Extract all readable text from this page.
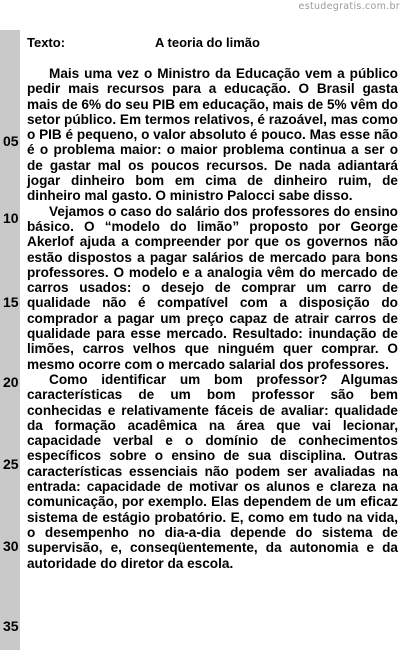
estudegratis.com.br
05
10
15
20
25
30
35
Texto:	A teoria do limão

Mais uma vez o Ministro da Educação vem a público pedir mais recursos para a educação. O Brasil gasta mais de 6% do seu PIB em educação, mais de 5% vêm do setor público. Em termos relativos, é razoável, mas como o PIB é pequeno, o valor absoluto é pouco. Mas esse não é o problema maior: o maior problema continua a ser o de gastar mal os poucos recursos. De nada adiantará jogar dinheiro bom em cima de dinheiro ruim, de dinheiro mal gasto. O ministro Palocci sabe disso.

Vejamos o caso do salário dos professores do ensino básico. O “modelo do limão” proposto por George Akerlof ajuda a compreender por que os governos não estão dispostos a pagar salários de mercado para bons professores. O modelo e a analogia vêm do mercado de carros usados: o desejo de comprar um carro de qualidade não é compatível com a disposição do comprador a pagar um preço capaz de atrair carros de qualidade para esse mercado. Resultado: inundação de limões, carros velhos que ninguém quer comprar. O mesmo ocorre com o mercado salarial dos professores.

Como identificar um bom professor? Algumas características de um bom professor são bem conhecidas e relativamente fáceis de avaliar: qualidade da formação acadêmica na área que vai lecionar, capacidade verbal e o domínio de conhecimentos específicos sobre o ensino de sua disciplina. Outras características essenciais não podem ser avaliadas na entrada: capacidade de motivar os alunos e clareza na comunicação, por exemplo. Elas dependem de um eficaz sistema de estágio probatório. E, como em tudo na vida, o desempenho no dia-a-dia depende do sistema de supervisão, e, conseqüentemente, da autonomia e da autoridade do diretor da escola.
